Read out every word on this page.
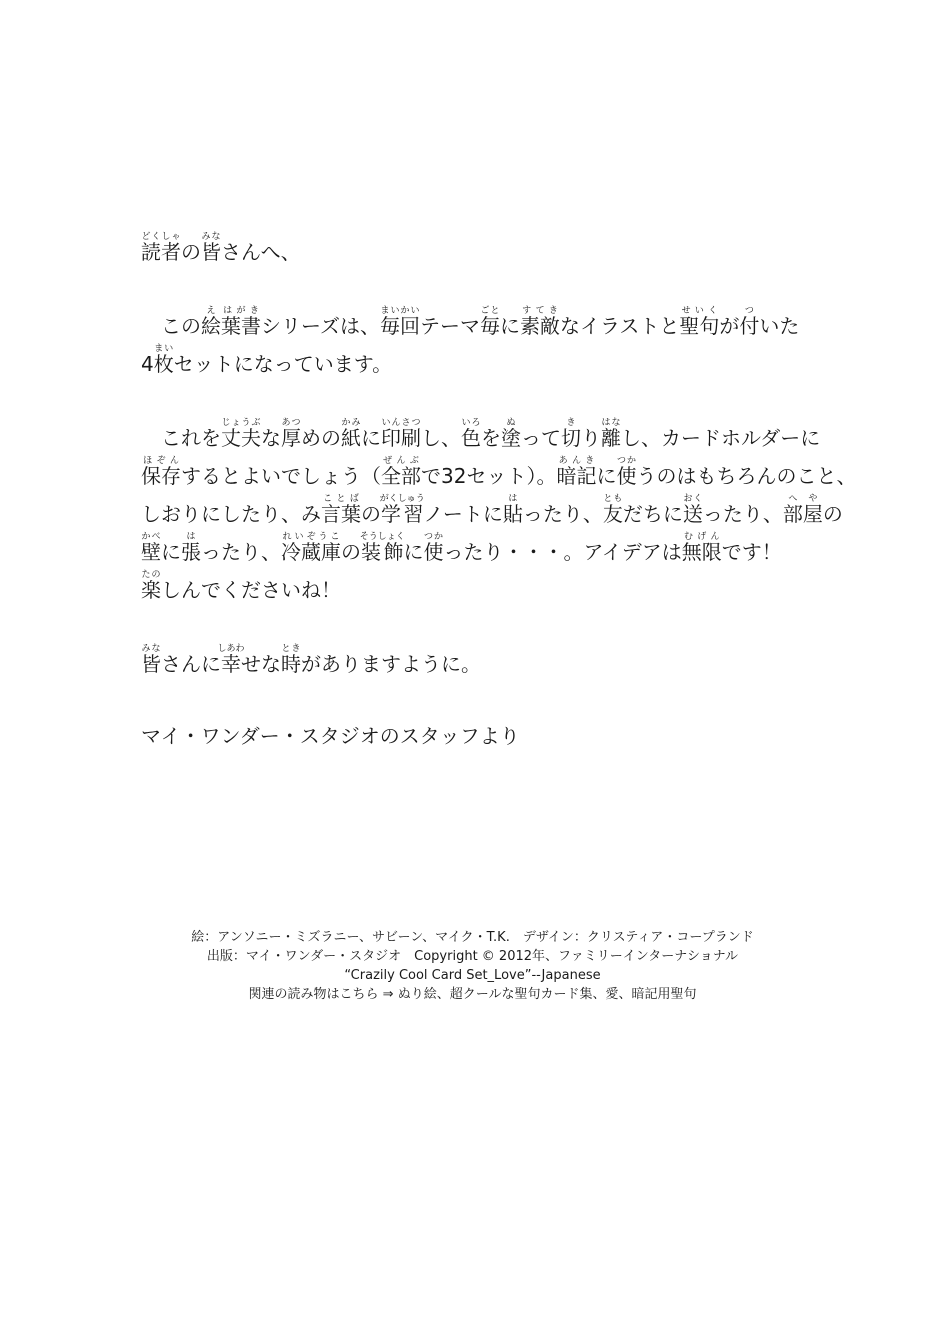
読者どくしゃの皆みなさんへ、

この絵え葉書はがきシリーズは、毎回まいかいテーマ毎ごとに素敵すてきなイラストと聖句せいくが付ついた

4枚まいセットになっています。

これを丈夫じょうぶな厚あつめの紙かみに印刷いんさつし、色いろを塗ぬって切きり離はなし、カードホルダーに

保存ほぞんするとよいでしょう（全部ぜんぶで32セット）。暗記あんきに使つかうのはもちろんのこと、

しおりにしたり、み言葉ことばの学習がくしゅうノートに貼はったり、友ともだちに送おくったり、部屋へやの

壁かべに張はったり、冷蔵庫れいぞうこの装飾そうしょくに使つかったり・・・。アイデアは無限むげんです！

楽たのしんでくださいね！

皆みなさんに幸しあわせな時ときがありますように。

マイ・ワンダー・スタジオのスタッフより

絵：アンソニー・ミズラニー、サビーン、マイク・T.K.　デザイン：クリスティア・コープランド
出版：マイ・ワンダー・スタジオ　Copyright © 2012年、ファミリーインターナショナル
“Crazily Cool Card Set_Love”--Japanese
関連の読み物はこちら ⇒ ぬり絵、超クールな聖句カード集、愛、暗記用聖句
